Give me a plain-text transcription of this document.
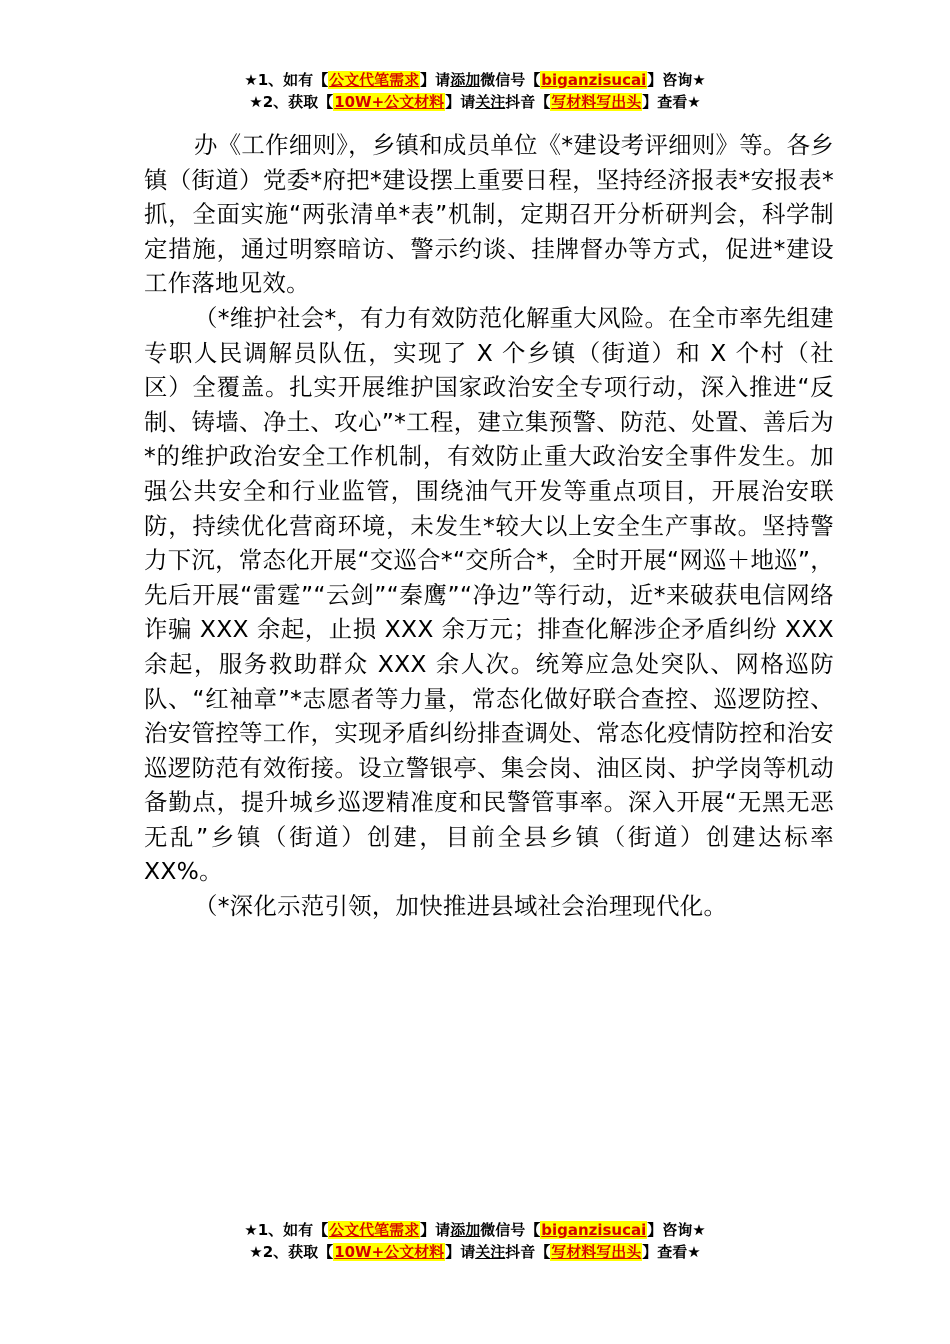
★1、如有【公文代笔需求】请添加微信号【biganzisucai】咨询★
★2、获取【10W+公文材料】请关注抖音【写材料写出头】查看★

办《工作细则》，乡镇和成员单位《*建设考评细则》等。各乡镇（街道）党委*府把*建设摆上重要日程，坚持经济报表*安报表*抓，全面实施“两张清单*表”机制，定期召开分析研判会，科学制定措施，通过明察暗访、警示约谈、挂牌督办等方式，促进*建设工作落地见效。

（*维护社会*，有力有效防范化解重大风险。在全市率先组建专职人民调解员队伍，实现了 X 个乡镇（街道）和 X 个村（社区）全覆盖。扎实开展维护国家政治安全专项行动，深入推进“反制、铸墙、净土、攻心”*工程，建立集预警、防范、处置、善后为*的维护政治安全工作机制，有效防止重大政治安全事件发生。加强公共安全和行业监管，围绕油气开发等重点项目，开展治安联防，持续优化营商环境，未发生*较大以上安全生产事故。坚持警力下沉，常态化开展“交巡合*“交所合*，全时开展“网巡＋地巡”，先后开展“雷霆”“云剑”“秦鹰”“净边”等行动，近*来破获电信网络诈骗 XXX 余起，止损 XXX 余万元；排查化解涉企矛盾纠纷 XXX 余起，服务救助群众 XXX 余人次。统筹应急处突队、网格巡防队、“红袖章”*志愿者等力量，常态化做好联合查控、巡逻防控、治安管控等工作，实现矛盾纠纷排查调处、常态化疫情防控和治安巡逻防范有效衔接。设立警银亭、集会岗、油区岗、护学岗等机动备勤点，提升城乡巡逻精准度和民警管事率。深入开展“无黑无恶无乱”乡镇（街道）创建，目前全县乡镇（街道）创建达标率 XX%。

（*深化示范引领，加快推进县域社会治理现代化。

★1、如有【公文代笔需求】请添加微信号【biganzisucai】咨询★
★2、获取【10W+公文材料】请关注抖音【写材料写出头】查看★
